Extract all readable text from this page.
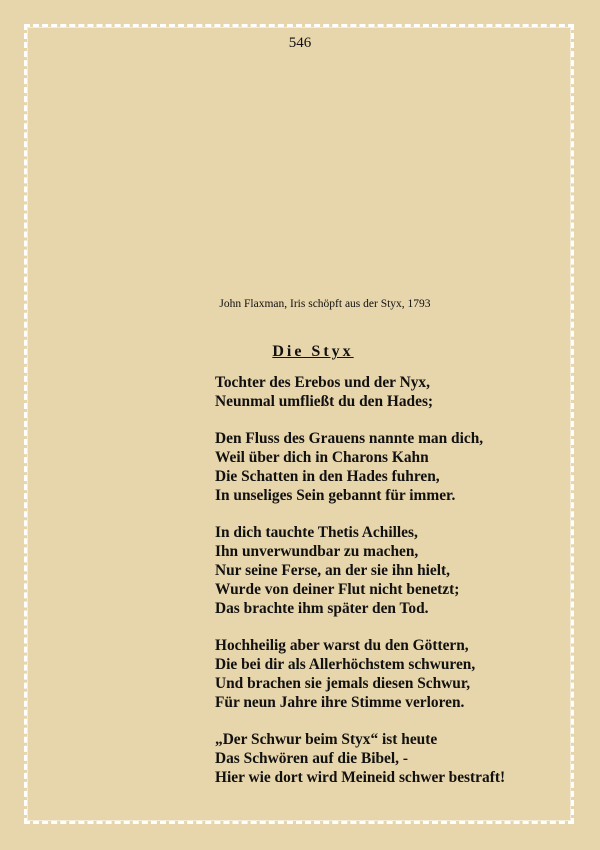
546
John Flaxman, Iris schöpft aus der Styx, 1793
Die Styx
Tochter des Erebos und der Nyx,
Neunmal umfließt du den Hades;
Den Fluss des Grauens nannte man dich,
Weil über dich in Charons Kahn
Die Schatten in den Hades fuhren,
In unseliges Sein gebannt für immer.
In dich tauchte Thetis Achilles,
Ihn unverwundbar zu machen,
Nur seine Ferse, an der sie ihn hielt,
Wurde von deiner Flut nicht benetzt;
Das brachte ihm später den Tod.
Hochheilig aber warst du den Göttern,
Die bei dir als Allerhöchstem schwuren,
Und brachen sie jemals diesen Schwur,
Für neun Jahre ihre Stimme verloren.
„Der Schwur beim Styx“ ist heute
Das Schwören auf die Bibel, -
Hier wie dort wird Meineid schwer bestraft!
